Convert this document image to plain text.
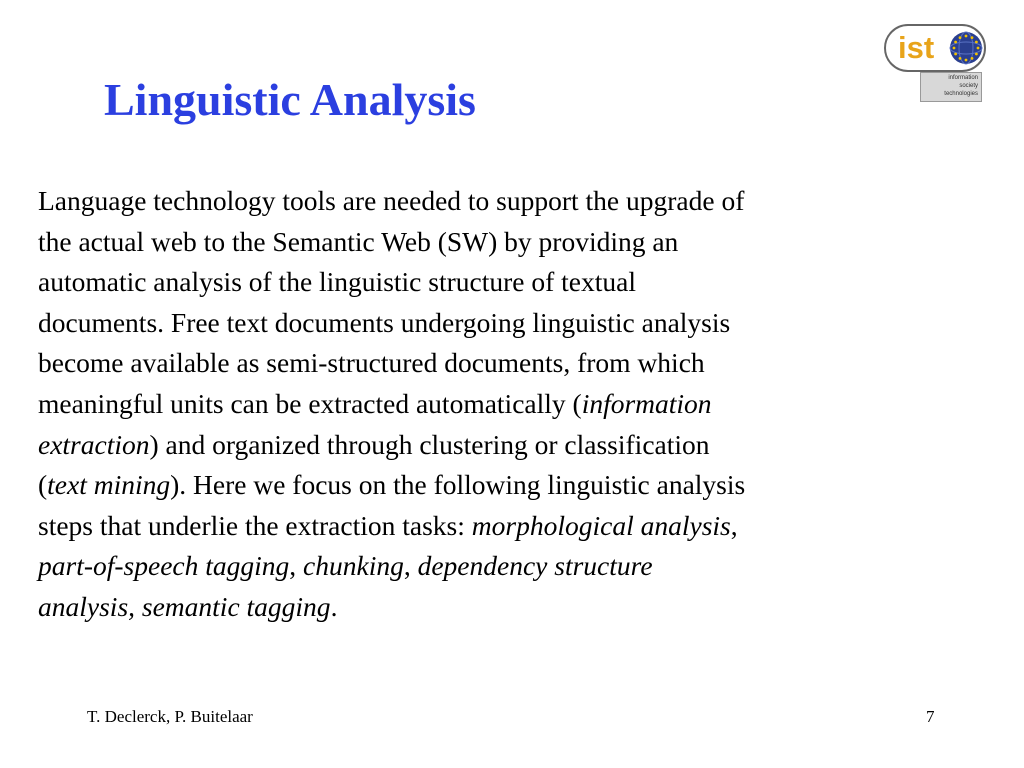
ist
information
society
technologies
Linguistic Analysis
Language technology tools are needed to support the upgrade of
the actual web to the Semantic Web (SW) by providing an
automatic analysis of the linguistic structure of textual
documents. Free text documents undergoing linguistic analysis
become available as semi-structured documents, from which
meaningful units can be extracted automatically (information
extraction) and organized through clustering or classification
(text mining). Here we focus on the following linguistic analysis
steps that underlie the extraction tasks: morphological analysis,
part-of-speech tagging, chunking, dependency structure
analysis, semantic tagging.
T. Declerck, P. Buitelaar	7
